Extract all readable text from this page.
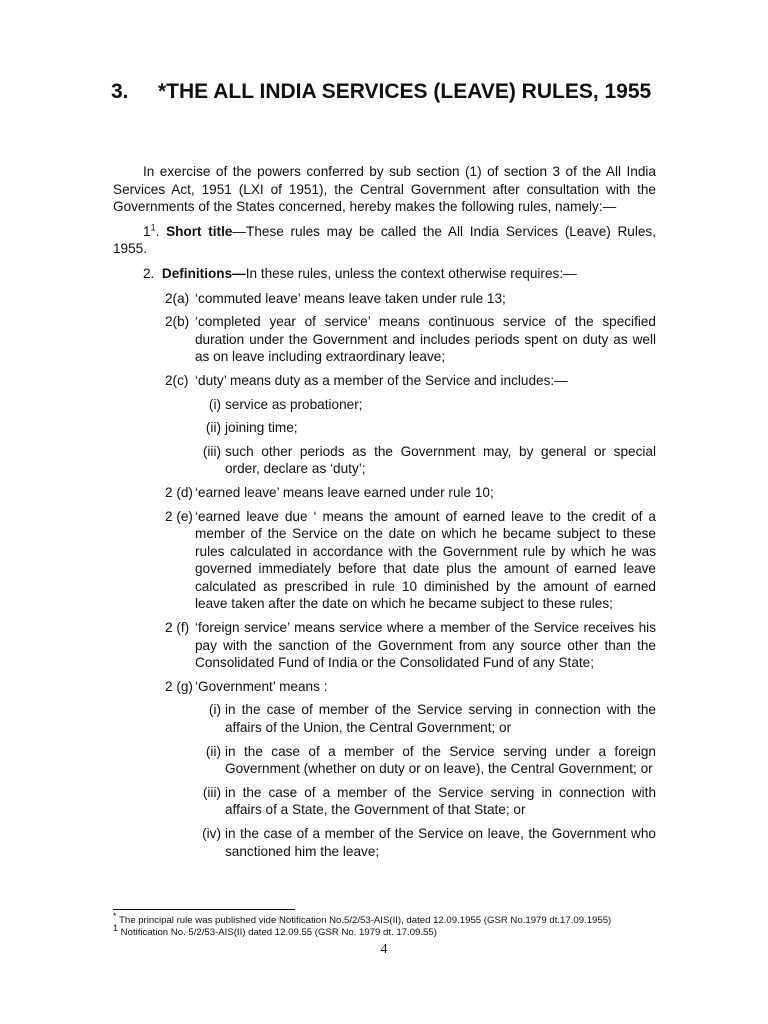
3. *THE ALL INDIA SERVICES (LEAVE) RULES, 1955

In exercise of the powers conferred by sub section (1) of section 3 of the All India Services Act, 1951 (LXI of 1951), the Central Government after consultation with the Governments of the States concerned, hereby makes the following rules, namely:—

$1^1$. Short title—These rules may be called the All India Services (Leave) Rules, 1955.

2. Definitions—In these rules, unless the context otherwise requires:—

2(a) ‘commuted leave’ means leave taken under rule 13;

2(b) ‘completed year of service’ means continuous service of the specified duration under the Government and includes periods spent on duty as well as on leave including extraordinary leave;

2(c) ‘duty’ means duty as a member of the Service and includes:—

(i) service as probationer;

(ii) joining time;

(iii) such other periods as the Government may, by general or special order, declare as ‘duty’;

2 (d) ‘earned leave’ means leave earned under rule 10;

2 (e) ‘earned leave due ‘ means the amount of earned leave to the credit of a member of the Service on the date on which he became subject to these rules calculated in accordance with the Government rule by which he was governed immediately before that date plus the amount of earned leave calculated as prescribed in rule 10 diminished by the amount of earned leave taken after the date on which he became subject to these rules;

2 (f) ‘foreign service’ means service where a member of the Service receives his pay with the sanction of the Government from any source other than the Consolidated Fund of India or the Consolidated Fund of any State;

2 (g) ‘Government’ means :

(i) in the case of member of the Service serving in connection with the affairs of the Union, the Central Government; or

(ii) in the case of a member of the Service serving under a foreign Government (whether on duty or on leave), the Central Government; or

(iii) in the case of a member of the Service serving in connection with affairs of a State, the Government of that State; or

(iv) in the case of a member of the Service on leave, the Government who sanctioned him the leave;

* The principal rule was published vide Notification No.5/2/53-AIS(II), dated 12.09.1955 (GSR No.1979 dt.17.09.1955)
$^1$ Notification No. 5/2/53-AIS(II) dated 12.09.55 (GSR No. 1979 dt. 17.09.55)
4
